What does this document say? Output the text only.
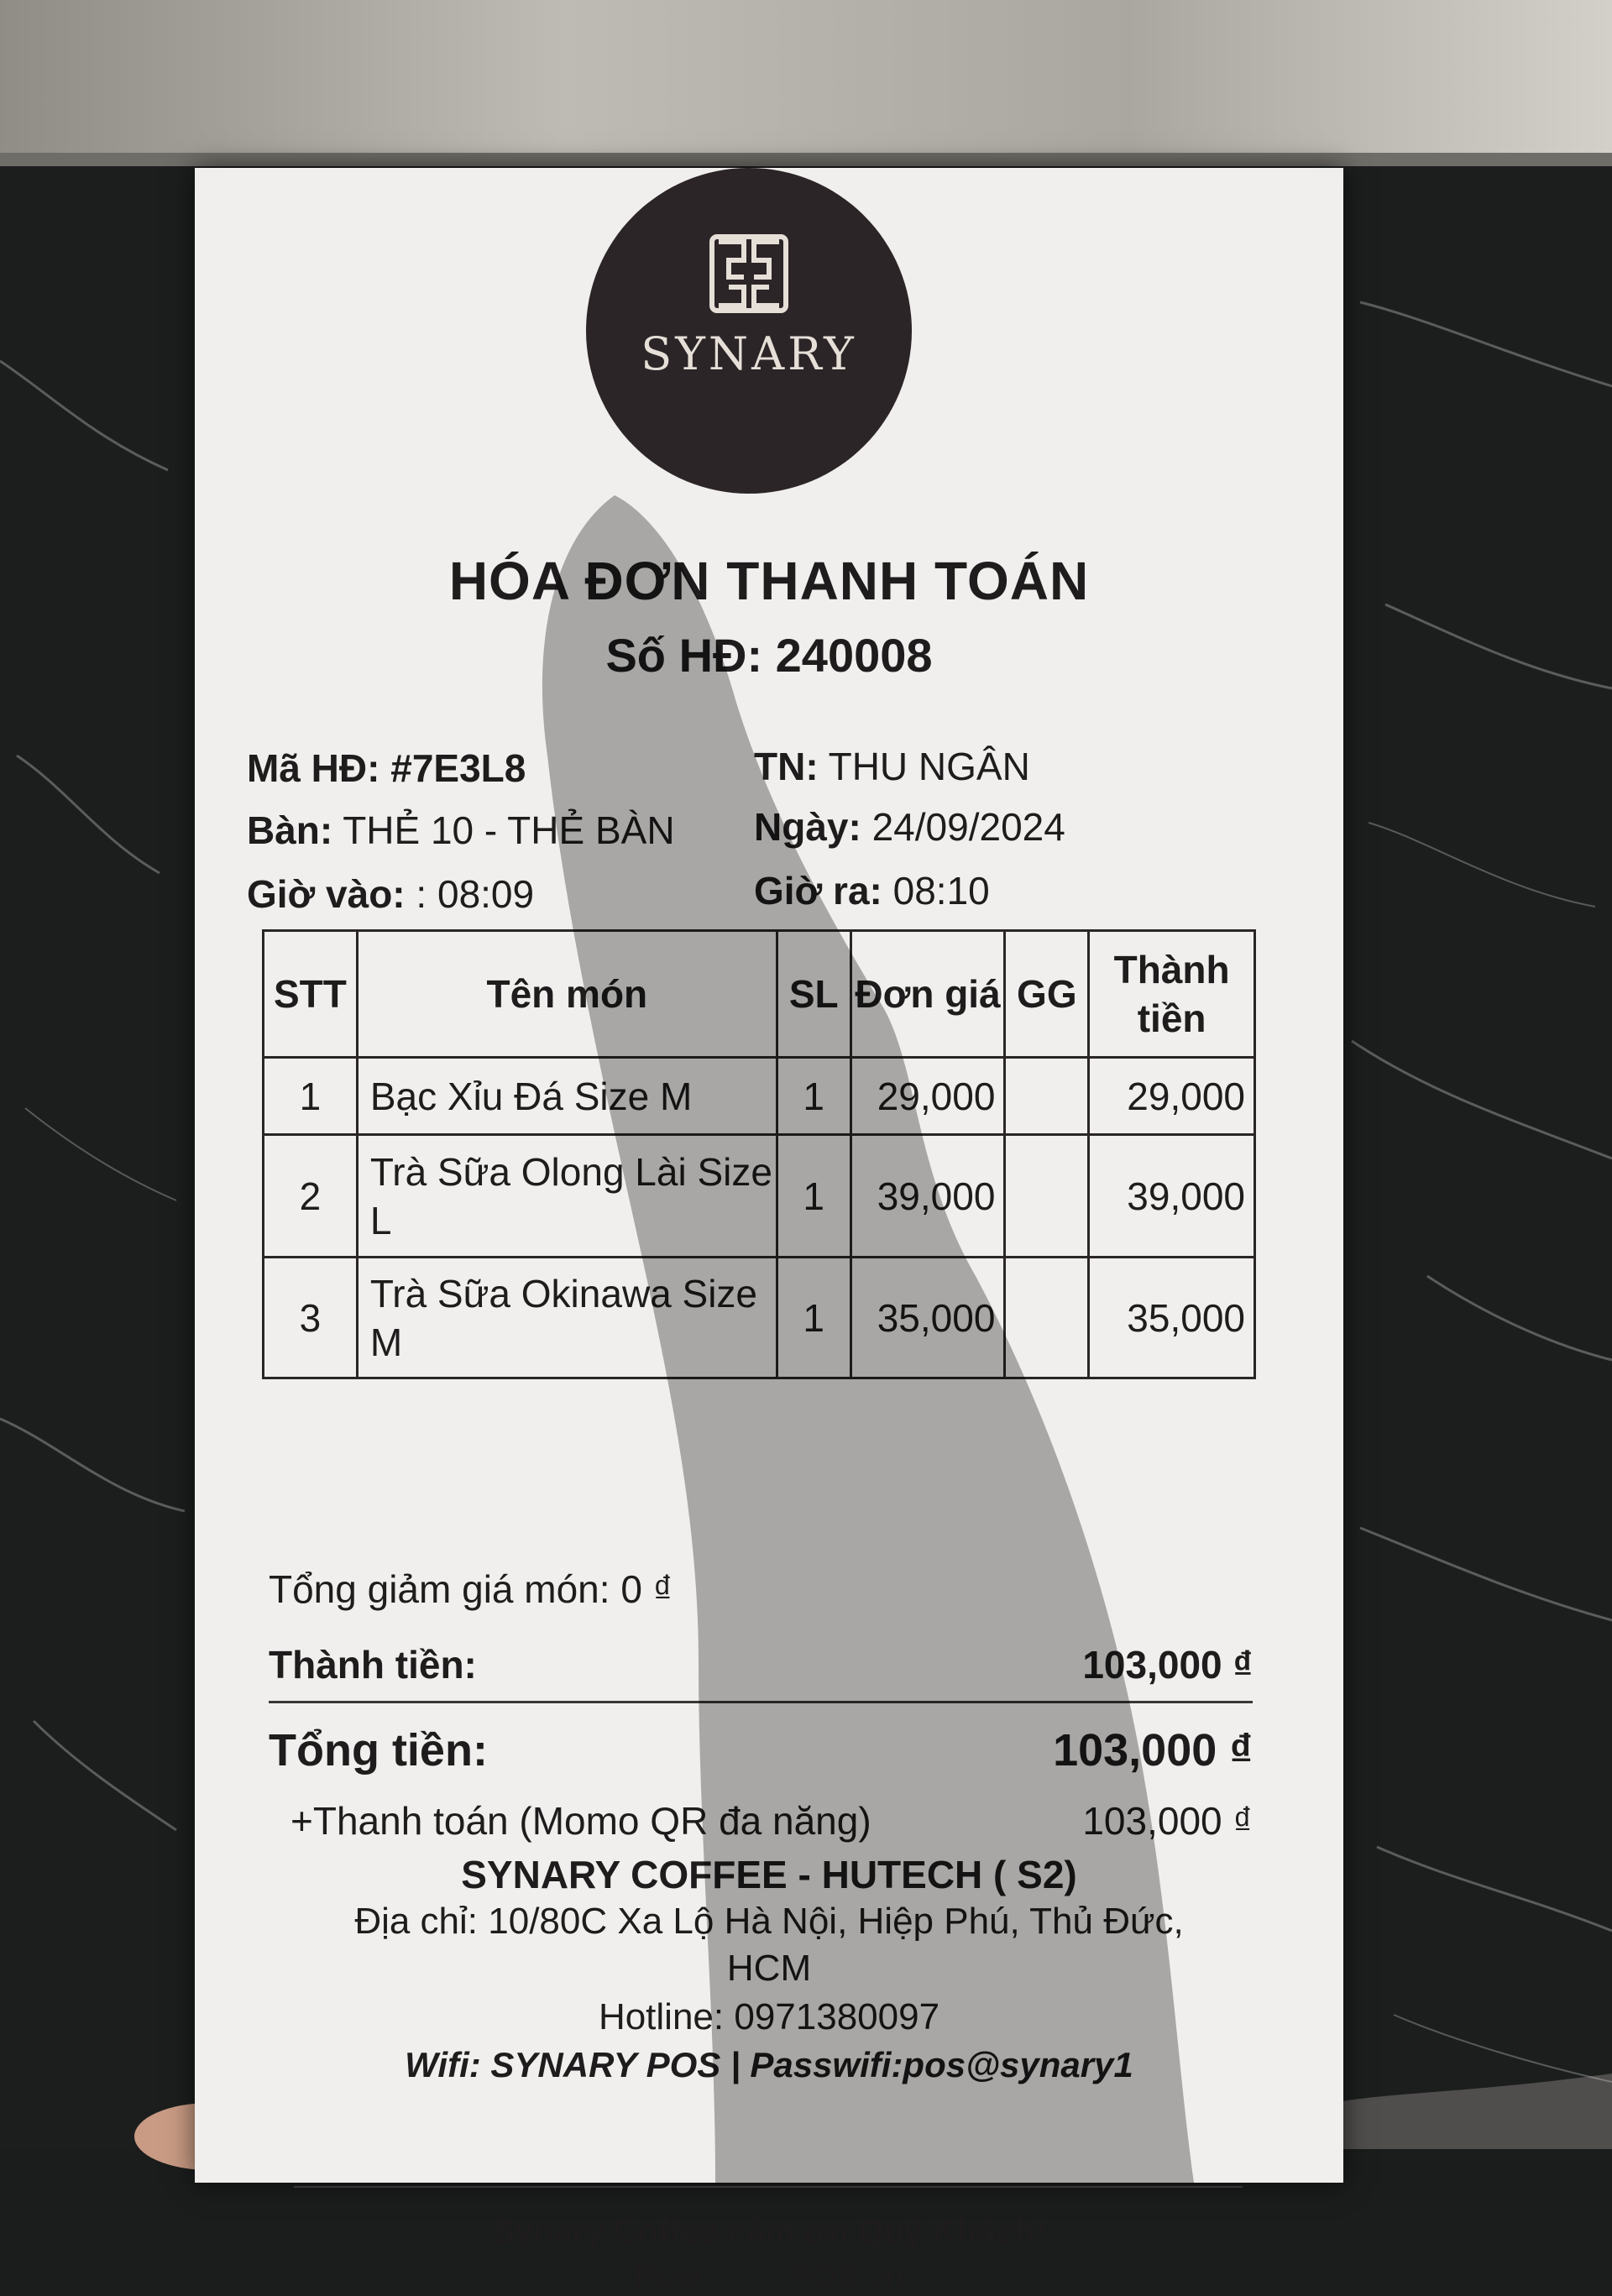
SYNARY
HÓA ĐƠN THANH TOÁN
Số HĐ: 240008
Mã HĐ: #7E3L8	TN: THU NGÂN
Bàn: THẺ 10 - THẺ BÀN Ngày: 24/09/2024
Giờ vào: : 08:09	Giờ ra: 08:10
STT	Tên món	SL	Đơn giá	GG	Thành tiền
1	Bạc Xỉu Đá Size M	1	29,000		29,000
2	Trà Sữa Olong Lài Size L	1	39,000		39,000
3	Trà Sữa Okinawa Size M	1	35,000		35,000
Tổng giảm giá món: 0 ₫
Thành tiền:	103,000 ₫
Tổng tiền:	103,000 ₫
+Thanh toán (Momo QR đa năng)	103,000 ₫
SYNARY COFFEE - HUTECH ( S2)
Địa chỉ: 10/80C Xa Lộ Hà Nội, Hiệp Phú, Thủ Đức,
HCM
Hotline: 0971380097
Wifi: SYNARY POS | Passwifi:pos@synary1
Synary Coffee cảm ơn Quý Khách!
Pow             POS.vn
